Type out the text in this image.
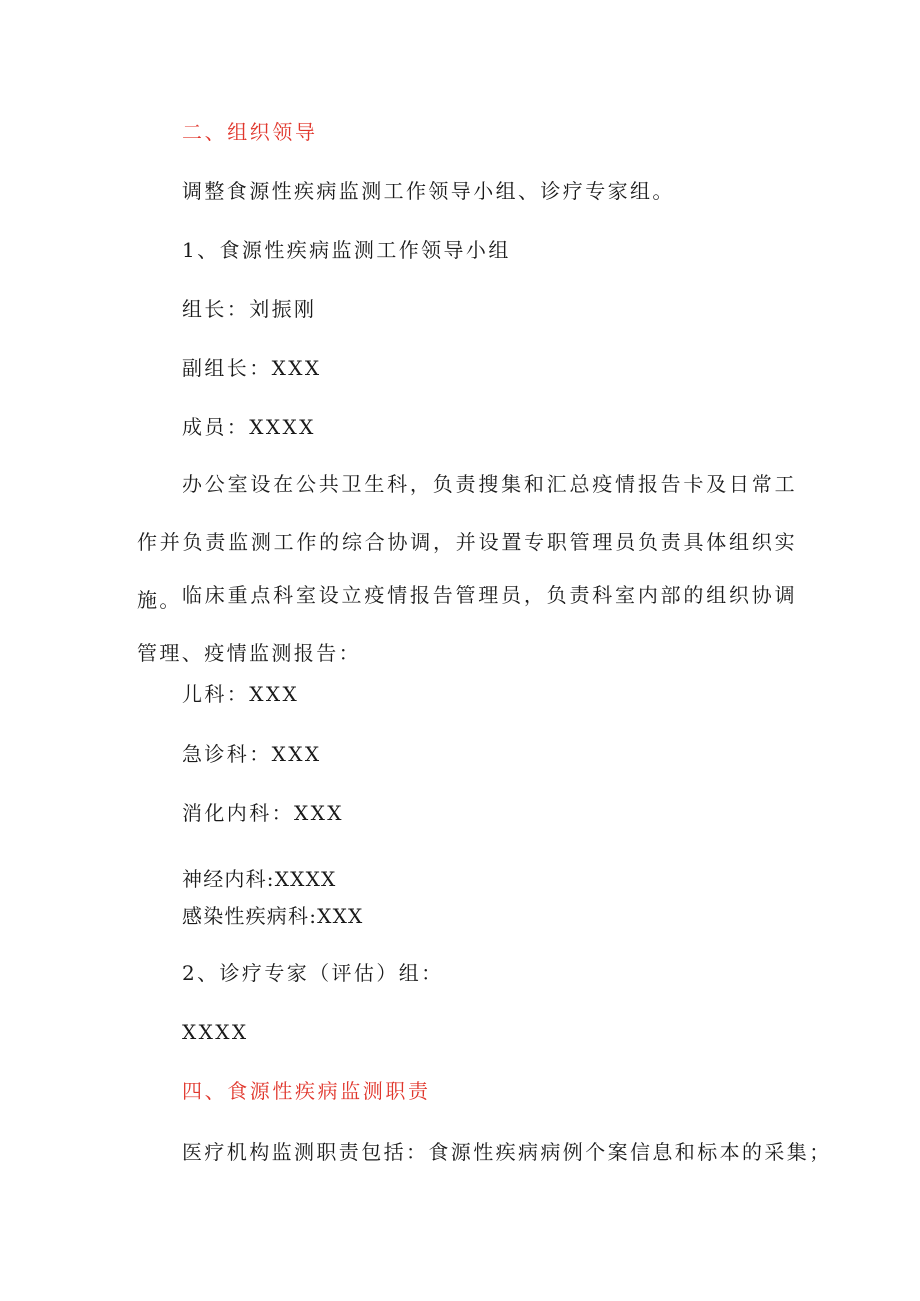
二、组织领导
调整食源性疾病监测工作领导小组、诊疗专家组。
1、食源性疾病监测工作领导小组
组长：刘振刚
副组长：XXX
成员：XXXX
办公室设在公共卫生科，负责搜集和汇总疫情报告卡及日常工作并负责监测工作的综合协调，并设置专职管理员负责具体组织实施。 临床重点科室设立疫情报告管理员，负责科室内部的组织协调管理、疫情监测报告：
儿科：XXX
急诊科：XXX
消化内科：XXX
神经内科:XXXX
感染性疾病科:XXX
2、诊疗专家（评估）组：
XXXX
四、食源性疾病监测职责
医疗机构监测职责包括：食源性疾病病例个案信息和标本的采集；
